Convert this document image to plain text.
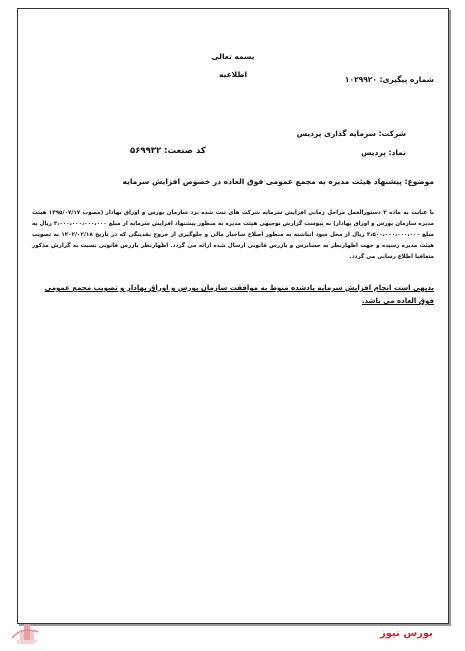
بسمه تعالی
اطلاعیه
شماره پیگیری: ۱۰۲۹۹۲۰
شرکت: سرمایه گذاری پردیس
نماد: پردیس
کد صنعت: ۵۶۹۹۳۲
موضوع: پیشنهاد هیئت مدیره به مجمع عمومی فوق العاده در خصوص افزایش سرمایه

با عنایت به ماده ۳ دستورالعمل مراحل زمانی افزایش سرمایه شرکت های ثبت شده نزد سازمان بورس و اوراق بهادار (مصوب ۱۳۹۵/۰۷/۱۷ هیئت مدیره سازمان بورس و اوراق بهادار) به پیوست گزارش توجیهی هیئت مدیره به منظور پیشنهاد افزایش سرمایه از مبلغ ۳،۰۰۰،۰۰۰،۰۰۰،۰۰۰ ریال به مبلغ ۳،۵۰۰،۰۰۰،۰۰۰،۰۰۰ ریال از محل سود انباشته به منظور اصلاح ساختار مالی و جلوگیری از خروج نقدینگی که در تاریخ ۱۴۰۲/۰۲/۱۸ به تصویب هیئت مدیره رسیده و جهت اظهارنظر به حسابرس و بازرس قانونی ارسال شده ارائه می گردد. اظهارنظر بازرس قانونی نسبت به گزارش مذکور متعاقبا اطلاع رسانی می گردد.

بدیهی است انجام افزایش سرمایه یادشده منوط به موافقت سازمان بورس و اوراق بهادار و تصویب مجمع عمومی فوق العاده می باشد.
بورس نیوز
